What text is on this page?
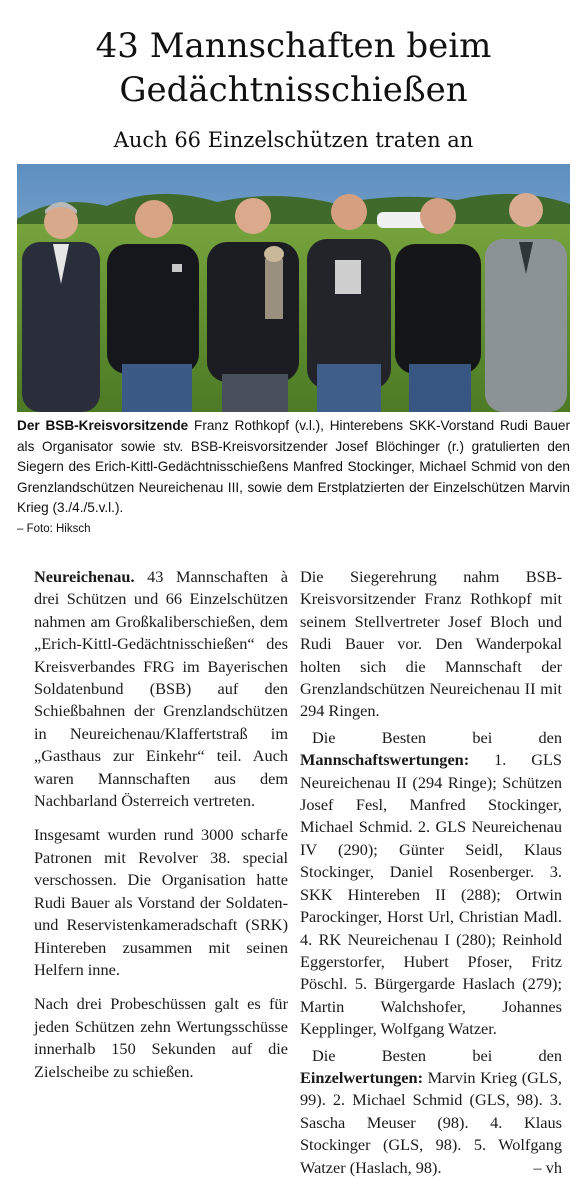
43 Mannschaften beim
Gedächtnisschießen
Auch 66 Einzelschützen traten an

Der BSB-Kreisvorsitzende Franz Rothkopf (v.l.), Hinterebens SKK-Vorstand Rudi Bauer als Organisator sowie stv. BSB-Kreisvorsitzender Josef Blöchinger (r.) gratulierten den Siegern des Erich-Kittl-Gedächtnisschießens Manfred Stockinger, Michael Schmid von den Grenzlandschützen Neureichenau III, sowie dem Erstplatzierten der Einzelschützen Marvin Krieg (3./4./5.v.l.).

– Foto: Hiksch

Neureichenau. 43 Mannschaften à drei Schützen und 66 Einzelschützen nahmen am Großkaliberschießen, dem „Erich-Kittl-Gedächtnisschießen“ des Kreisverbandes FRG im Bayerischen Soldatenbund (BSB) auf den Schießbahnen der Grenzlandschützen in Neureichenau/Klaffertstraß im „Gasthaus zur Einkehr“ teil. Auch waren Mannschaften aus dem Nachbarland Österreich vertreten.

Insgesamt wurden rund 3000 scharfe Patronen mit Revolver 38. special verschossen. Die Organisation hatte Rudi Bauer als Vorstand der Soldaten- und Reservistenkameradschaft (SRK) Hintereben zusammen mit seinen Helfern inne.

Nach drei Probeschüssen galt es für jeden Schützen zehn Wertungsschüsse innerhalb 150 Sekunden auf die Zielscheibe zu schießen.

Die Siegerehrung nahm BSB-Kreisvorsitzender Franz Rothkopf mit seinem Stellvertreter Josef Bloch und Rudi Bauer vor. Den Wanderpokal holten sich die Mannschaft der Grenzlandschützen Neureichenau II mit 294 Ringen.

Die Besten bei den Mannschaftswertungen: 1. GLS Neureichenau II (294 Ringe); Schützen Josef Fesl, Manfred Stockinger, Michael Schmid. 2. GLS Neureichenau IV (290); Günter Seidl, Klaus Stockinger, Daniel Rosenberger. 3. SKK Hintereben II (288); Ortwin Parockinger, Horst Url, Christian Madl. 4. RK Neureichenau I (280); Reinhold Eggerstorfer, Hubert Pfoser, Fritz Pöschl. 5. Bürgergarde Haslach (279); Martin Walchshofer, Johannes Kepplinger, Wolfgang Watzer.

Die Besten bei den Einzelwertungen: Marvin Krieg (GLS, 99). 2. Michael Schmid (GLS, 98). 3. Sascha Meuser (98). 4. Klaus Stockinger (GLS, 98). 5. Wolfgang Watzer (Haslach, 98).	– vh
